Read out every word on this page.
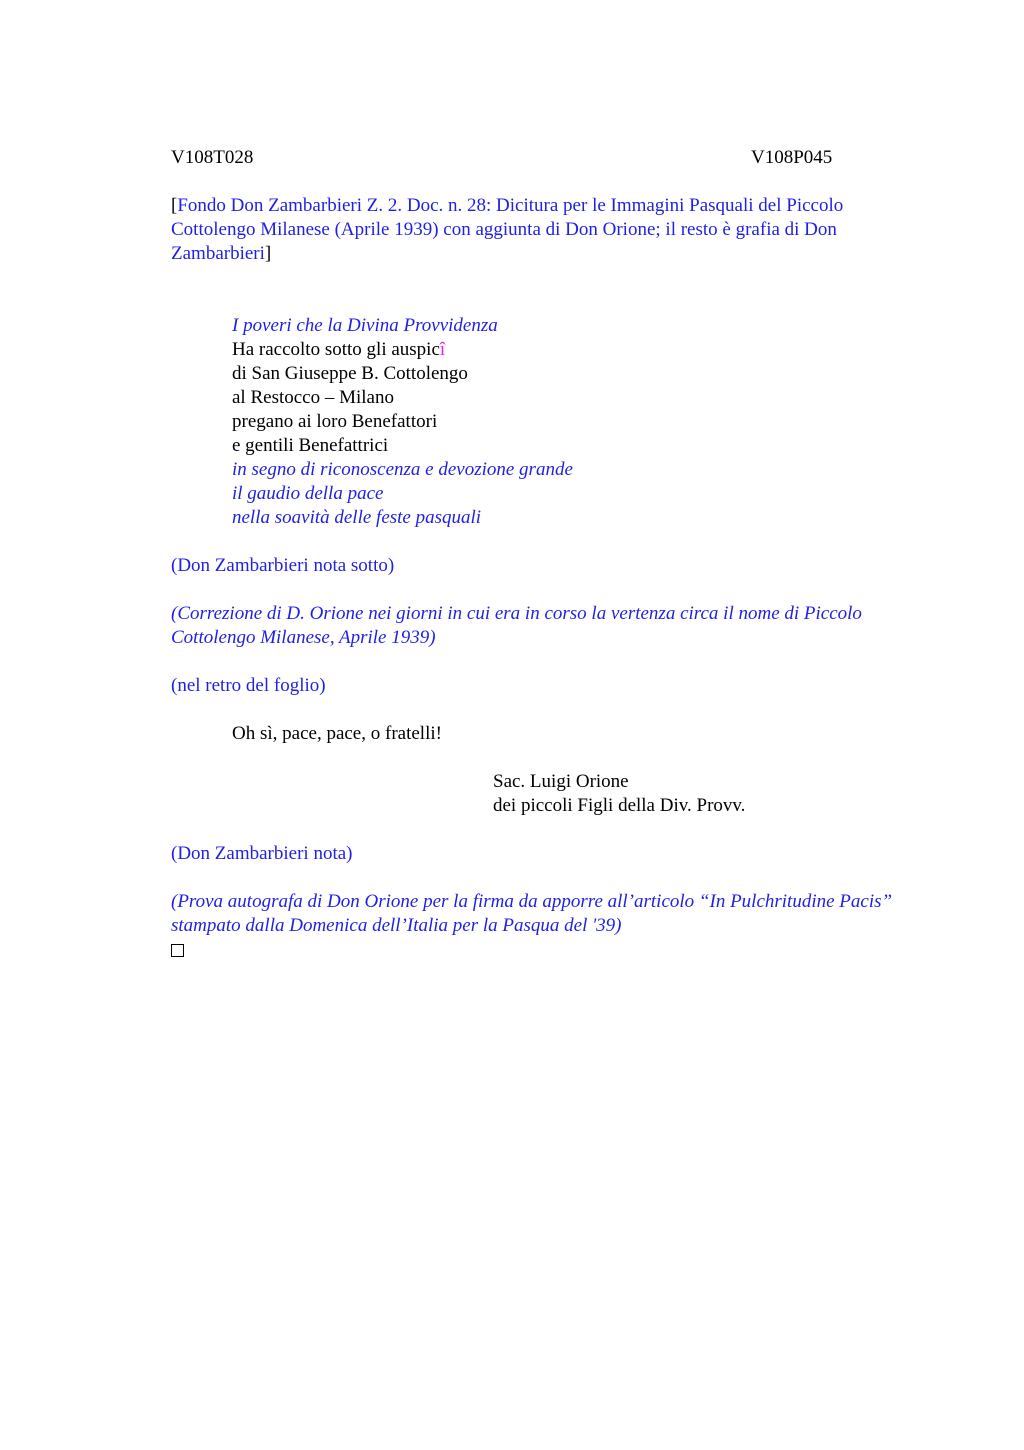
V108T028	V108P045

[Fondo Don Zambarbieri Z. 2. Doc. n. 28: Dicitura per le Immagini Pasquali del Piccolo Cottolengo Milanese (Aprile 1939) con aggiunta di Don Orione; il resto è grafia di Don Zambarbieri]

I poveri che la Divina Provvidenza
Ha raccolto sotto gli auspicî
di San Giuseppe B. Cottolengo
al Restocco – Milano
pregano ai loro Benefattori
e gentili Benefattrici
in segno di riconoscenza e devozione grande
il gaudio della pace
nella soavità delle feste pasquali

(Don Zambarbieri nota sotto)

(Correzione di D. Orione nei giorni in cui era in corso la vertenza circa il nome di Piccolo Cottolengo Milanese, Aprile 1939)

(nel retro del foglio)

Oh sì, pace, pace, o fratelli!

Sac. Luigi Orione
dei piccoli Figli della Div. Provv.

(Don Zambarbieri nota)

(Prova autografa di Don Orione per la firma da apporre all’articolo “In Pulchritudine Pacis” stampato dalla Domenica dell’Italia per la Pasqua del '39)
